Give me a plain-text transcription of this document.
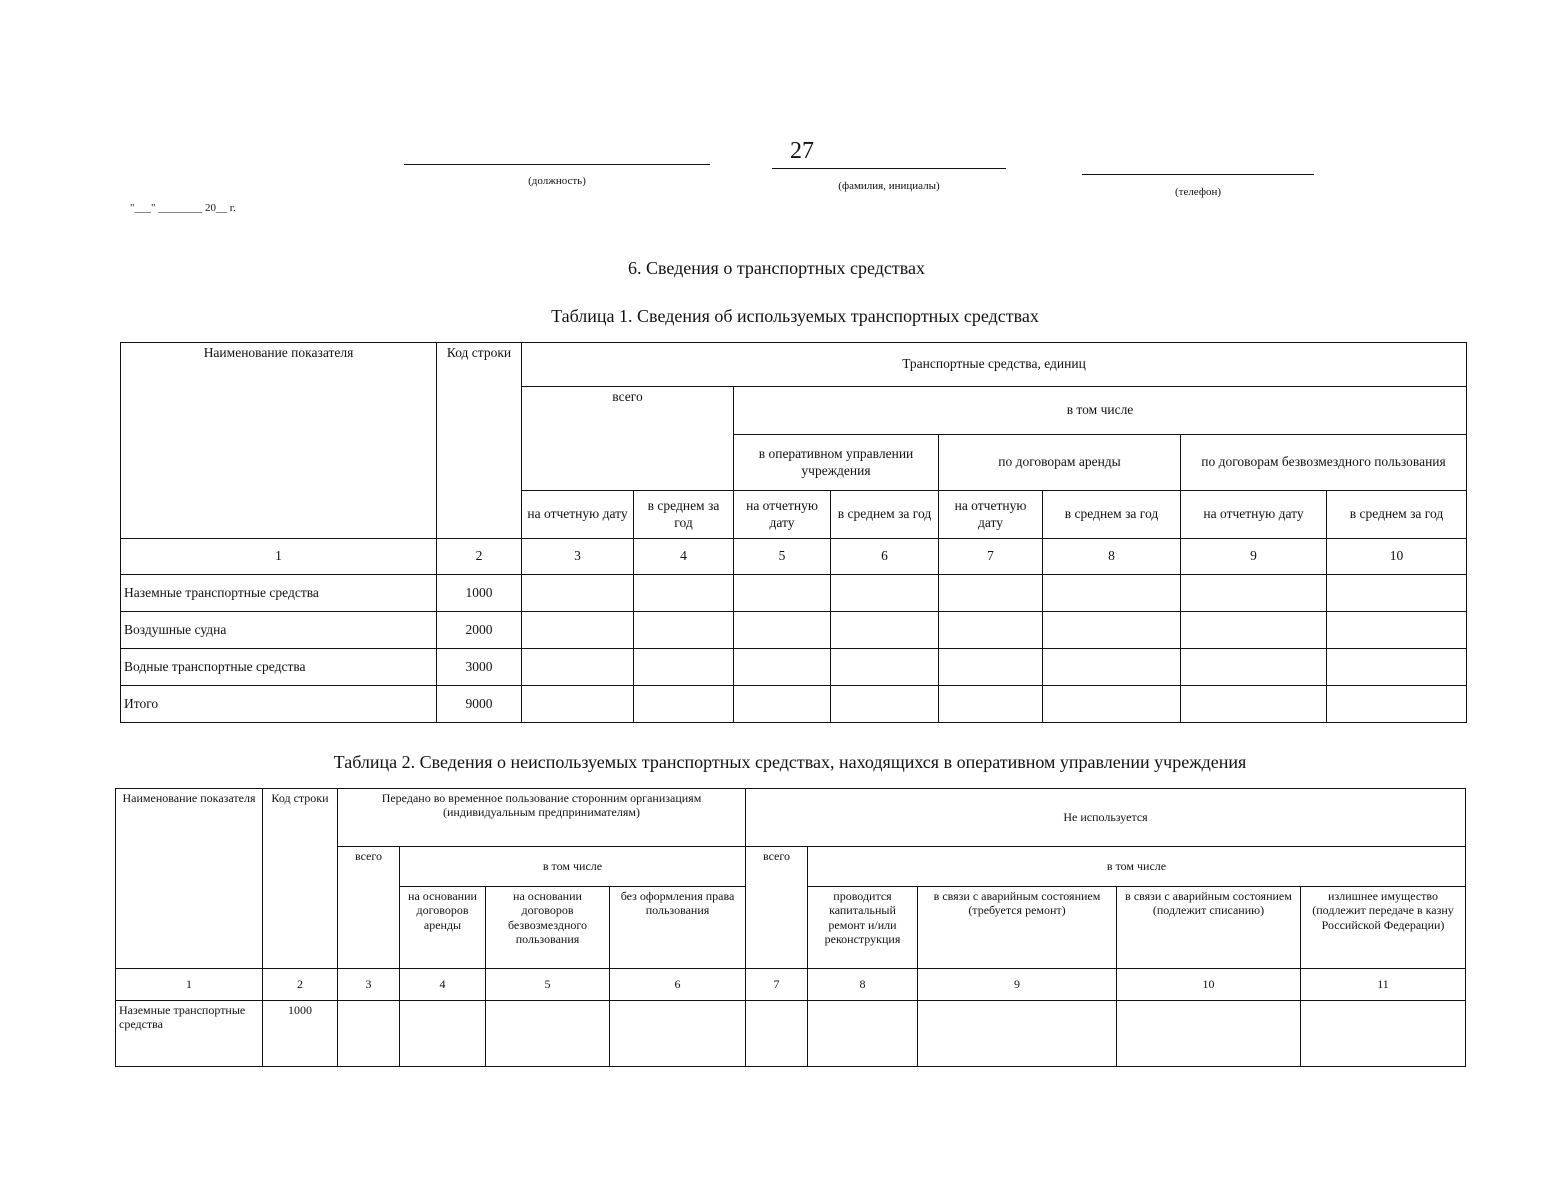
27
(должность)	(фамилия, инициалы)	(телефон)
"___" ________ 20__ г.
6. Сведения о транспортных средствах
Таблица 1. Сведения об используемых транспортных средствах
Наименование показателя	Код строки	Транспортные средства, единиц							
		всего		в том числе					
				в оперативном управлении учреждения		по договорам аренды		по договорам безвозмездного пользования	
		на отчетную дату	в среднем за год	на отчетную дату	в среднем за год	на отчетную дату	в среднем за год	на отчетную дату	в среднем за год
1	2	3	4	5	6	7	8	9	10
Наземные транспортные средства	1000								
Воздушные судна	2000								
Водные транспортные средства	3000								
Итого	9000								
Таблица 2. Сведения о неиспользуемых транспортных средствах, находящихся в оперативном управлении учреждения
Наименование показателя	Код строки	Передано во временное пользование сторонним организациям (индивидуальным предпринимателям)				Не используется				
		всего	в том числе			всего	в том числе			
			на основании договоров аренды	на основании договоров безвозмездного пользования	без оформления права пользования		проводится капитальный ремонт и/или реконструкция	в связи с аварийным состоянием (требуется ремонт)	в связи с аварийным состоянием (подлежит списанию)	излишнее имущество (подлежит передаче в казну Российской Федерации)

1	2	3	4	5	6	7	8	9	10	11
Наземные транспортные средства	1000									
